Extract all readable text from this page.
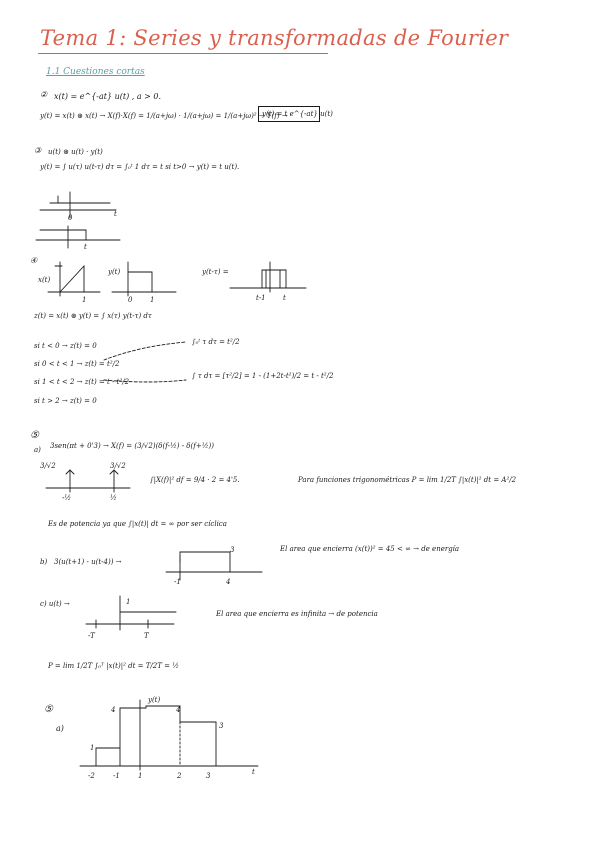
Tema 1: Series y transformadas de Fourier
1.1 Cuestiones cortas
② x(t) = e^{-at} u(t) , a > 0.
y(t) = x(t) ⊛ x(t) → X(f)·X(f) = 1/(a+jω) · 1/(a+jω) = 1/(a+jω)² → Y(f) →
y(t) = t e^{-at} u(t)
③ u(t) ⊛ u(t) · y(t)
y(t) = ∫ u(τ) u(t-τ) dτ = ∫₀ᵗ 1 dτ = t si t>0 → y(t) = t u(t).
t
0
t
④
x(t)
y(t)	y(t-τ) =
1	0	1	t-1 t
z(t) = x(t) ⊛ y(t) = ∫ x(τ) y(t-τ) dτ
si t < 0 → z(t) = 0
si 0 < t < 1 → z(t) = t²/2
si 1 < t < 2 → z(t) = t - t²/2
si t > 2 → z(t) = 0
∫₀ᵗ τ dτ = t²/2
∫ τ dτ = [τ²/2] = 1 - (1+2t-t²)/2 = t - t²/2
⑤
a) 3sen(πt + 0'3) → X(f) = (3/√2)(δ(f-½) - δ(f+½))
3/√2	3/√2
-½	½
∫|X(f)|² df = 9/4 · 2 = 4'5.	Para funciones trigonométricas P = lim 1/2T ∫|x(t)|² dt = A²/2
Es de potencia ya que ∫|x(t)| dt = ∞ por ser cíclica
b) 3(u(t+1) - u(t-4)) →
3
-1	4
El area que encierra (x(t))² = 45 < ∞ → de energía
c) u(t) →	1
-T	T
El area que encierra es infinita → de potencia
P = lim 1/2T ∫₀ᵀ |x(t)|² dt = T/2T = ½
⑤
a)
y(t)
1
4	4
3
-2	-1	1	2	3	t
